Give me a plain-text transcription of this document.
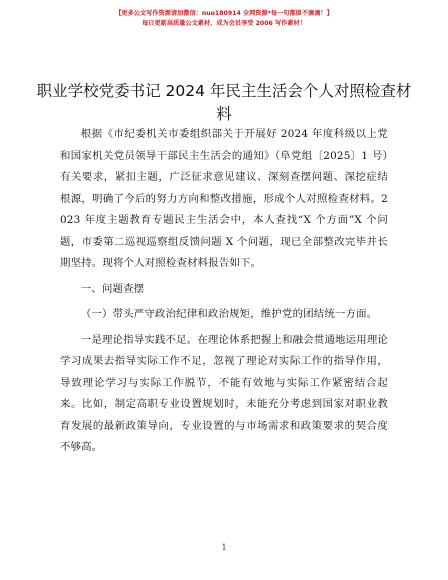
【更多公文写作资源请加微信：nuo180914 全网资源*每一句都原不滴滴！】
每日更新高质量公文素材，成为会员享受 2006 写作素材！
职业学校党委书记 2024 年民主生活会个人对照检查材料

根据《市纪委机关市委组织部关于开展好 2024 年度科级以上党和国家机关党员领导干部民主生活会的通知》（阜党组〔2025〕1 号）有关要求，紧扣主题，广泛征求意见建议、深刻查摆问题、深挖症结根源，明确了今后的努力方向和整改措施，形成个人对照检查材料。2023 年度主题教育专题民主生活会中，本人查找“X 个方面”X 个问题，市委第二巡视巡察组反馈问题 X 个问题，现已全部整改完毕并长期坚持。现将个人对照检查材料报告如下。

一、问题查摆

（一）带头严守政治纪律和政治规矩，维护党的团结统一方面。

一是理论指导实践不足。在理论体系把握上和融会贯通地运用理论学习成果去指导实际工作不足，忽视了理论对实际工作的指导作用，导致理论学习与实际工作脱节，不能有效地与实际工作紧密结合起来。比如，制定高职专业设置规划时，未能充分考虑到国家对职业教育发展的最新政策导向，专业设置的与市场需求和政策要求的契合度不够高。

1
